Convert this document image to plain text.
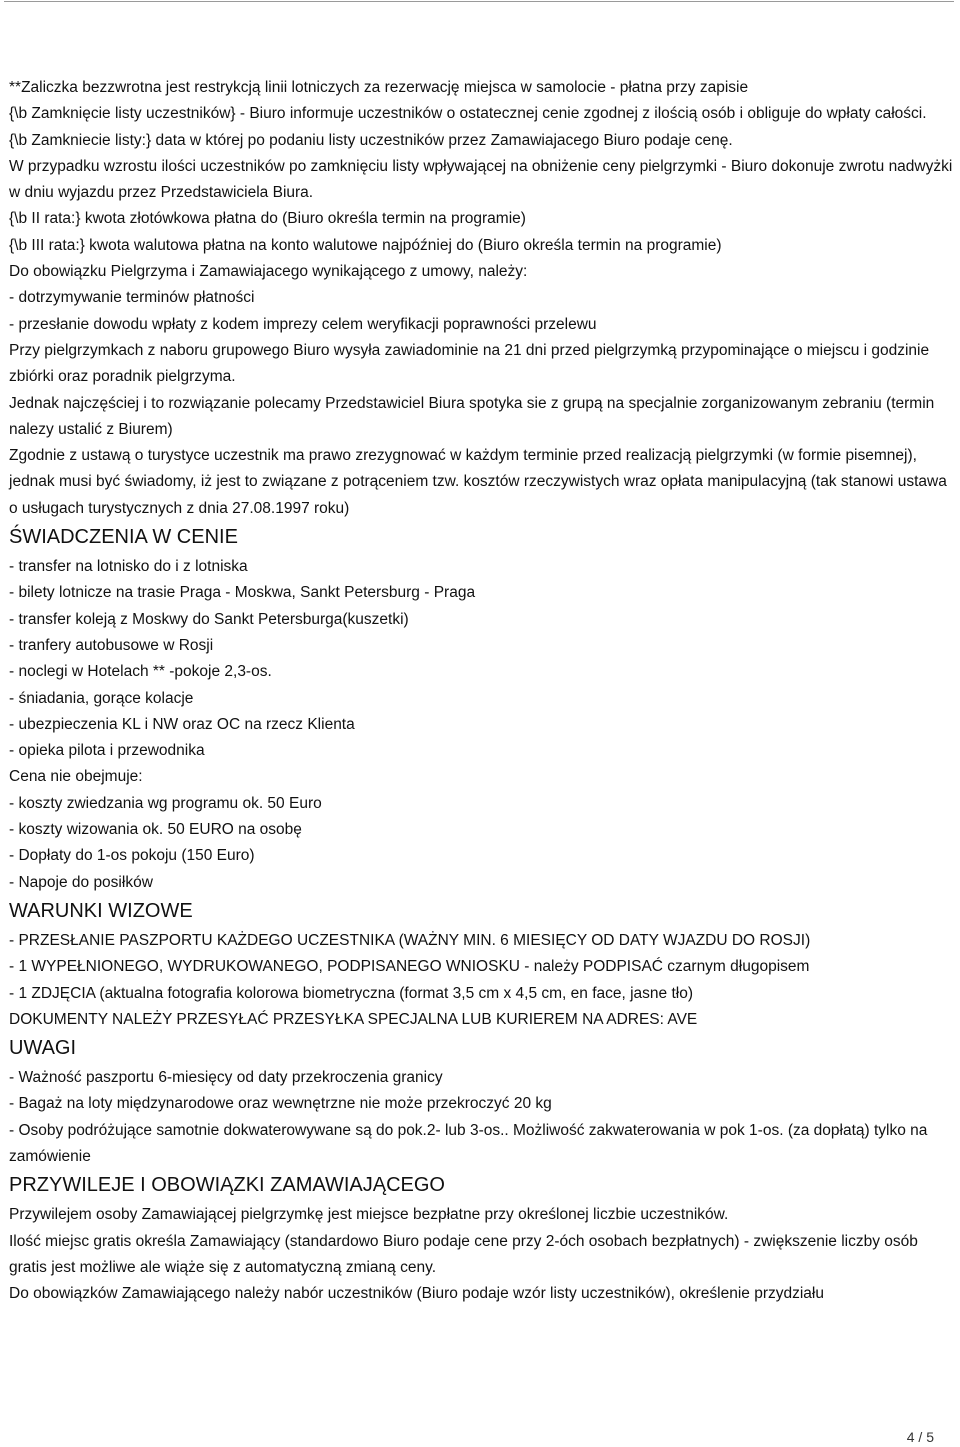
**Zaliczka bezzwrotna jest restrykcją linii lotniczych za rezerwację miejsca w samolocie - płatna przy zapisie

{\b Zamknięcie listy uczestników} - Biuro informuje uczestników o ostatecznej cenie zgodnej z ilością osób i obliguje do wpłaty całości.

{\b Zamkniecie listy:} data w której po podaniu listy uczestników przez Zamawiajacego Biuro podaje cenę.

W przypadku wzrostu ilości uczestników po zamknięciu listy wpływającej na obniżenie ceny pielgrzymki - Biuro dokonuje zwrotu nadwyżki w dniu wyjazdu przez Przedstawiciela Biura.

{\b II rata:} kwota złotówkowa płatna do (Biuro określa termin na programie)

{\b III rata:} kwota walutowa płatna na konto walutowe najpóźniej do (Biuro określa termin na programie)

Do obowiązku Pielgrzyma i Zamawiajacego wynikającego z umowy, należy:

- dotrzymywanie terminów płatności

- przesłanie dowodu wpłaty z kodem imprezy celem weryfikacji poprawności przelewu

Przy pielgrzymkach z naboru grupowego Biuro wysyła zawiadominie na 21 dni przed pielgrzymką przypominające o miejscu i godzinie zbiórki oraz poradnik pielgrzyma.

Jednak najczęściej i to rozwiązanie polecamy Przedstawiciel Biura spotyka sie z grupą na specjalnie zorganizowanym zebraniu (termin nalezy ustalić z Biurem)

Zgodnie z ustawą o turystyce uczestnik ma prawo zrezygnować w każdym terminie przed realizacją pielgrzymki (w formie pisemnej), jednak musi być świadomy, iż jest to związane z potrąceniem tzw. kosztów rzeczywistych wraz opłata manipulacyjną (tak stanowi ustawa o usługach turystycznych z dnia 27.08.1997 roku)

ŚWIADCZENIA W CENIE

- transfer na lotnisko do i z lotniska

- bilety lotnicze na trasie Praga - Moskwa, Sankt Petersburg - Praga

- transfer koleją z Moskwy do Sankt Petersburga(kuszetki)

- tranfery autobusowe w Rosji

- noclegi w Hotelach ** -pokoje 2,3-os.

- śniadania, gorące kolacje

- ubezpieczenia KL i NW oraz OC na rzecz Klienta

- opieka pilota i przewodnika

Cena nie obejmuje:

- koszty zwiedzania wg programu ok. 50 Euro

- koszty wizowania ok. 50 EURO na osobę

- Dopłaty do 1-os pokoju (150 Euro)

- Napoje do posiłków

WARUNKI WIZOWE

- PRZESŁANIE PASZPORTU KAŻDEGO UCZESTNIKA (WAŻNY MIN. 6 MIESIĘCY OD DATY WJAZDU DO ROSJI)

- 1 WYPEŁNIONEGO, WYDRUKOWANEGO, PODPISANEGO WNIOSKU - należy PODPISAĆ czarnym długopisem

- 1 ZDJĘCIA (aktualna fotografia kolorowa biometryczna (format 3,5 cm x 4,5 cm, en face, jasne tło)

DOKUMENTY NALEŻY PRZESYŁAĆ PRZESYŁKA SPECJALNA LUB KURIEREM NA ADRES: AVE

UWAGI

- Ważność paszportu 6-miesięcy od daty przekroczenia granicy

- Bagaż na loty międzynarodowe oraz wewnętrzne nie może przekroczyć 20 kg

- Osoby podróżujące samotnie dokwaterowywane są do pok.2- lub 3-os.. Możliwość zakwaterowania w pok 1-os. (za dopłatą) tylko na zamówienie

PRZYWILEJE I OBOWIĄZKI ZAMAWIAJĄCEGO

Przywilejem osoby Zamawiającej pielgrzymkę jest miejsce bezpłatne przy określonej liczbie uczestników.

Ilość miejsc gratis określa Zamawiający (standardowo Biuro podaje cene przy 2-óch osobach bezpłatnych) - zwiększenie liczby osób gratis jest możliwe ale wiąże się z automatyczną zmianą ceny.

Do obowiązków Zamawiającego należy nabór uczestników (Biuro podaje wzór listy uczestników), określenie przydziału

4 / 5
